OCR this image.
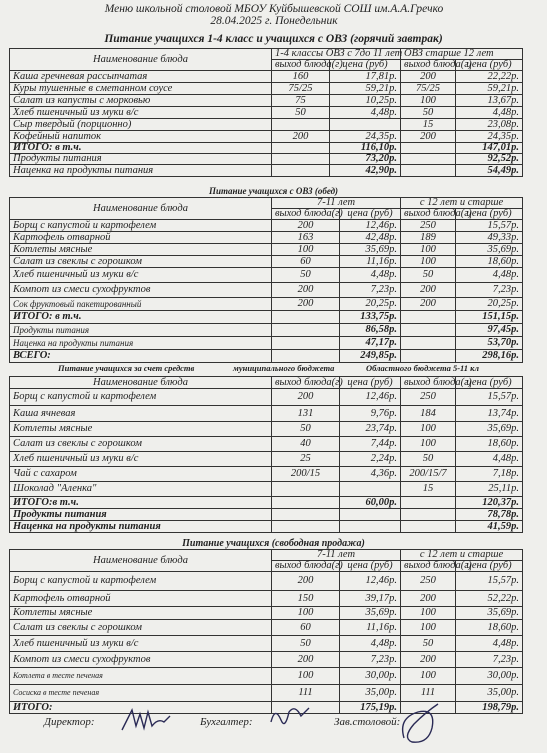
Меню школьной столовой МБОУ Куйбышевской СОШ им.А.А.Гречко
28.04.2025 г. Понедельник
Питание учащихся 1-4 класс и учащихся с ОВЗ (горячий завтрак)
Наименование блюда	1-4 классы ОВЗ с 7до 11 лет		ОВЗ старше 12 лет	
	выход блюда(г)	цена (руб)	выход блюда(г)	цена (руб)
Каша гречневая рассыпчатая	160	17,81р.	200	22,22р.
Куры тушенные в сметанном соусе	75/25	59,21р.	75/25	59,21р.
Салат из капусты с морковью	75	10,25р.	100	13,67р.
Хлеб пшеничный из муки в/с	50	4,48р.	50	4,48р.
Сыр твердый (порционно)			15	23,08р.
Кофейный напиток	200	24,35р.	200	24,35р.
ИТОГО: в т.ч.		116,10р.		147,01р.
Продукты питания		73,20р.		92,52р.
Наценка на продукты питания		42,90р.		54,49р.
Питание учащихся с ОВЗ (обед)
Наименование блюда	7-11 лет		с 12 лет и старше	
	выход блюда(г)	цена (руб)	выход блюда(г)	цена (руб)
Борщ с капустой и картофелем	200	12,46р.	250	15,57р.
Картофель отварной	163	42,48р.	189	49,33р.
Котлеты мясные	100	35,69р.	100	35,69р.
Салат из свеклы с горошком	60	11,16р.	100	18,60р.
Хлеб пшеничный из муки в/с	50	4,48р.	50	4,48р.
Компот из смеси сухофруктов	200	7,23р.	200	7,23р.
Сок фруктовый пакетированный	200	20,25р.	200	20,25р.
ИТОГО: в т.ч.		133,75р.		151,15р.
Продукты питания		86,58р.		97,45р.
Наценка на продукты питания		47,17р.		53,70р.
ВСЕГО:		249,85р.		298,16р.
Питание учащихся за счет средств	муниципального бюджета	Областного бюджета 5-11 кл
Наименование блюда	выход блюда(г)	цена (руб)	выход блюда(г)	цена (руб)
Борщ с капустой и картофелем	200	12,46р.	250	15,57р.
Каша ячневая	131	9,76р.	184	13,74р.
Котлеты мясные	50	23,74р.	100	35,69р.
Салат из свеклы с горошком	40	7,44р.	100	18,60р.
Хлеб пшеничный из муки в/с	25	2,24р.	50	4,48р.
Чай с сахаром	200/15	4,36р.	200/15/7	7,18р.
Шоколад "Аленка"			15	25,11р.
ИТОГО:в т.ч.		60,00р.		120,37р.
Продукты питания				78,78р.
Наценка на продукты питания				41,59р.
Питание учащихся (свободная продажа)
Наименование блюда	7-11 лет		с 12 лет и старше	
	выход блюда(г)	цена (руб)	выход блюда(г)	цена (руб)
Борщ с капустой и картофелем	200	12,46р.	250	15,57р.
Картофель отварной	150	39,17р.	200	52,22р.
Котлеты мясные	100	35,69р.	100	35,69р.
Салат из свеклы с горошком	60	11,16р.	100	18,60р.
Хлеб пшеничный из муки в/с	50	4,48р.	50	4,48р.
Компот из смеси сухофруктов	200	7,23р.	200	7,23р.
Котлета в тесте печеная	100	30,00р.	100	30,00р.
Сосиска в тесте печеная	111	35,00р.	111	35,00р.
ИТОГО:		175,19р.		198,79р.
Директор:	Бухгалтер:	Зав.столовой:
